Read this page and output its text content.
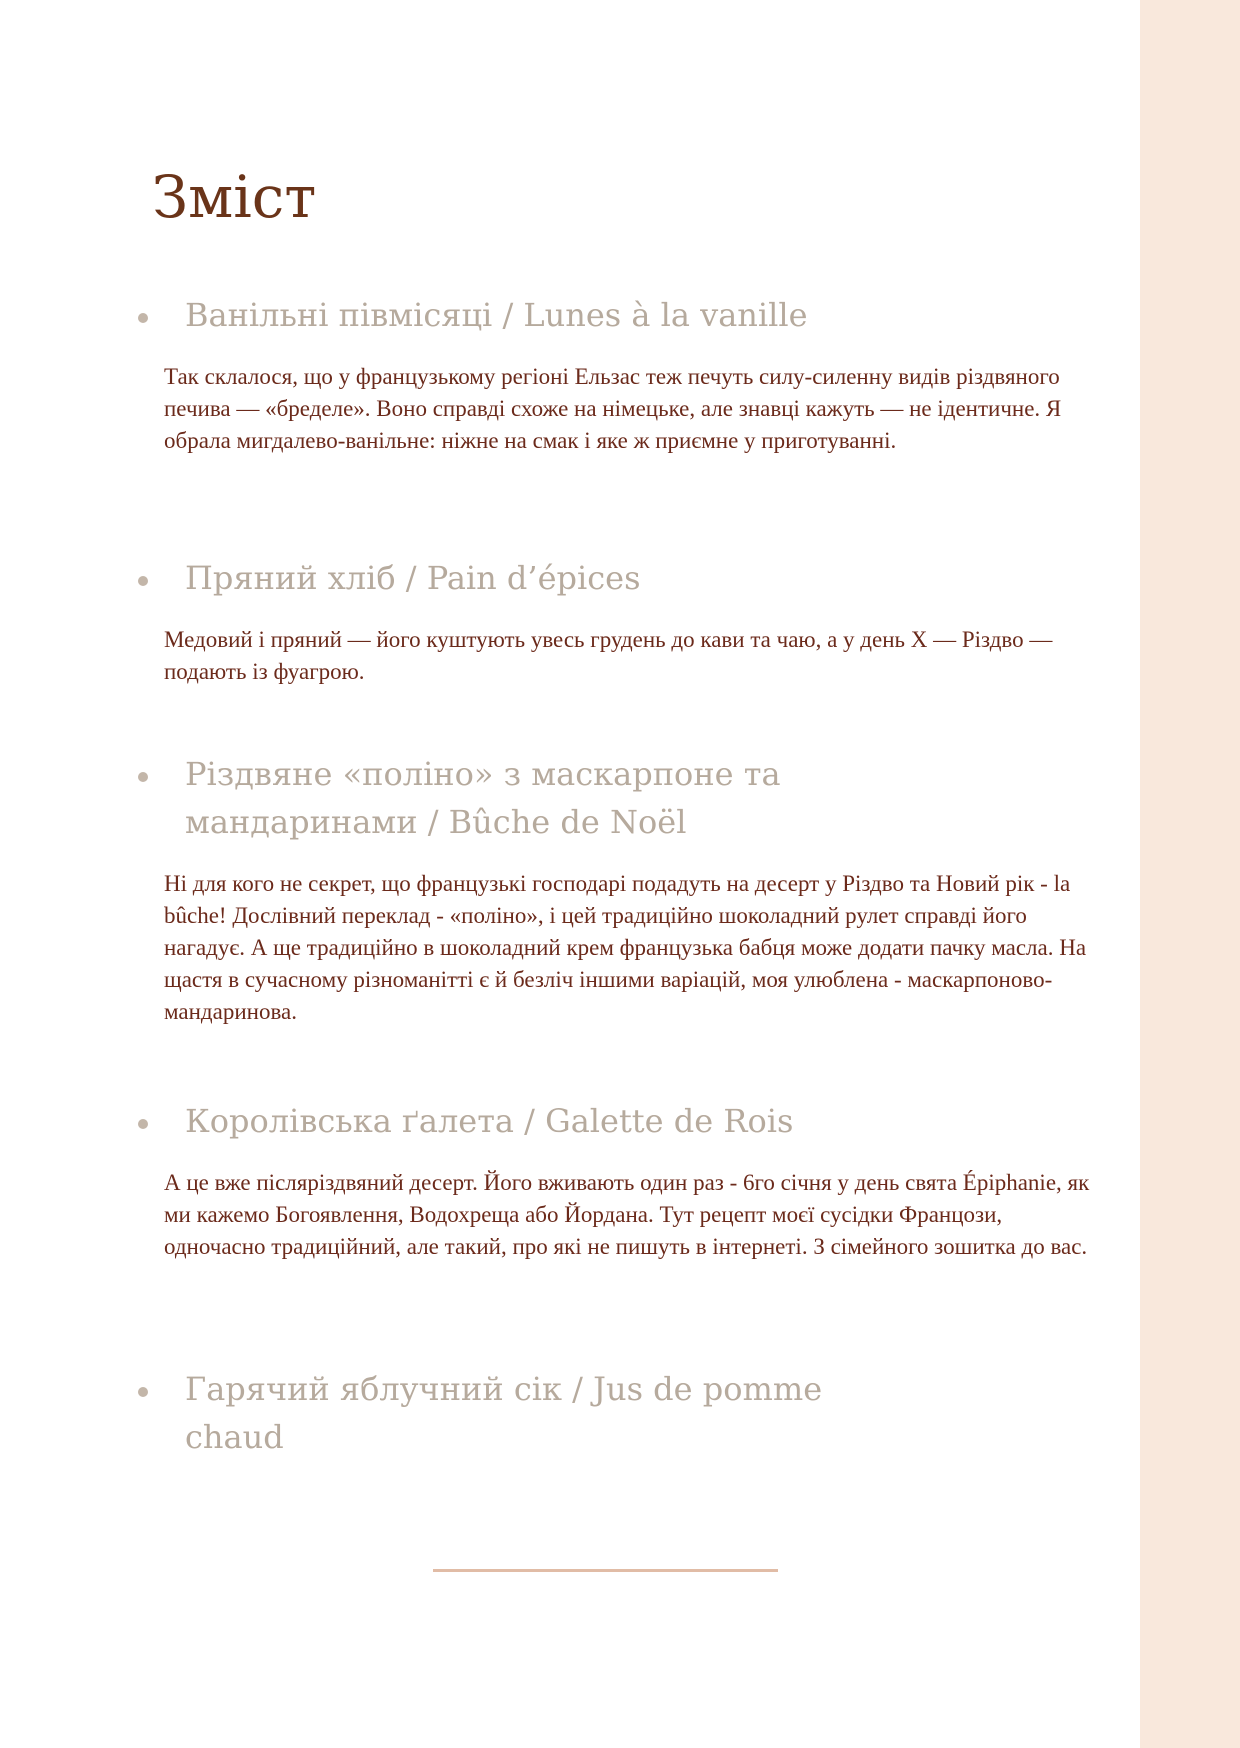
Зміст
Ванільні півмісяці / Lunes à la vanille

Так склалося, що у французькому регіоні Ельзас теж печуть силу-силенну видів різдвяного печива — «бределе». Воно справді схоже на німецьке, але знавці кажуть — не ідентичне. Я обрала мигдалево-ванільне: ніжне на смак і яке ж приємне у приготуванні.

Пряний хліб / Pain d’épices

Медовий і пряний — його куштують увесь грудень до кави та чаю, а у день Х — Різдво — подають із фуагрою.

Різдвяне «поліно» з маскарпоне та мандаринами / Bûche de Noël

Ні для кого не секрет, що французькі господарі подадуть на десерт у Різдво та Новий рік - la bûche! Дослівний переклад - «поліно», і цей традиційно шоколадний рулет справді його нагадує. А ще традиційно в шоколадний крем французька бабця може додати пачку масла. На щастя в сучасному різноманітті є й безліч іншими варіацій, моя улюблена - маскарпоново-мандаринова.

Королівська ґалета / Galette de Rois

А це вже післяріздвяний десерт. Його вживають один раз - 6го січня у день свята Épiphanie, як ми кажемо Богоявлення, Водохреща або Йордана. Тут рецепт моєї сусідки Францози, одночасно традиційний, але такий, про які не пишуть в інтернеті. З сімейного зошитка до вас.

Гарячий яблучний сік / Jus de pomme chaud
